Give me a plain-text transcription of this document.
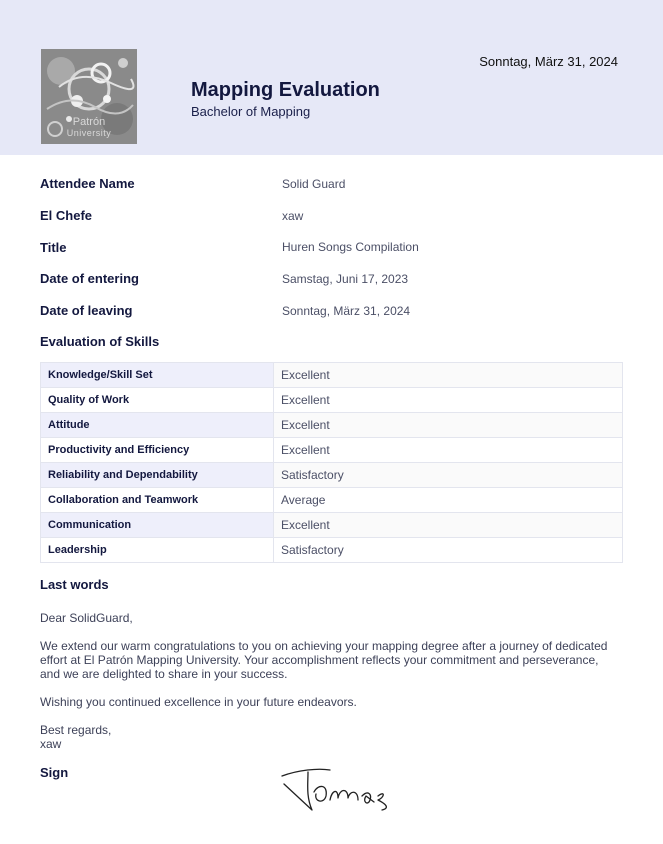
Patrón
University
Sonntag, März 31, 2024
Mapping Evaluation
Bachelor of Mapping
Attendee Name	Solid Guard
El Chefe	xaw
Title	Huren Songs Compilation
Date of entering	Samstag, Juni 17, 2023
Date of leaving	Sonntag, März 31, 2024
Evaluation of Skills
Knowledge/Skill Set	Excellent
Quality of Work	Excellent
Attitude	Excellent
Productivity and Efficiency	Excellent
Reliability and Dependability	Satisfactory
Collaboration and Teamwork	Average
Communication	Excellent
Leadership	Satisfactory
Last words

Dear SolidGuard,

We extend our warm congratulations to you on achieving your mapping degree after a journey of dedicated effort at El Patrón Mapping University. Your accomplishment reflects your commitment and perseverance, and we are delighted to share in your success.

Wishing you continued excellence in your future endeavors.

Best regards,

xaw

Sign
